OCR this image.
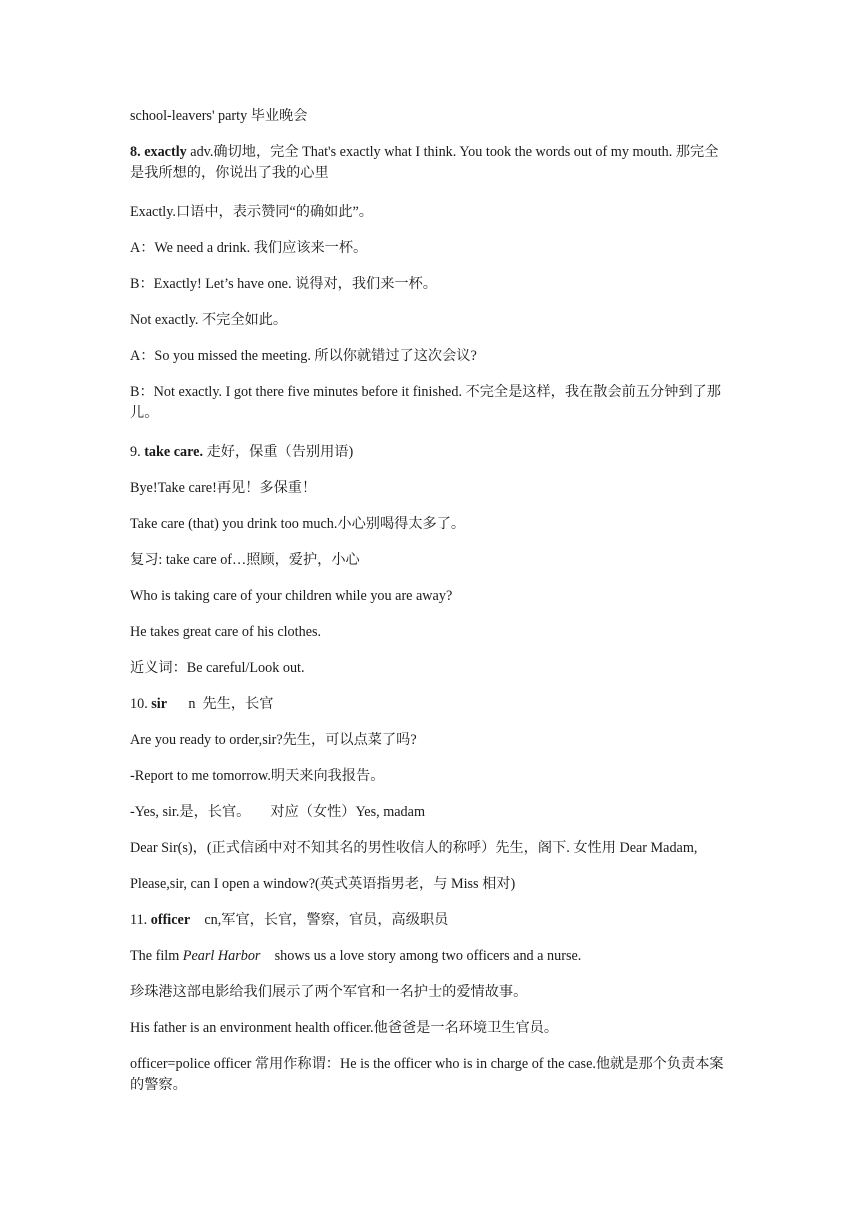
school-leavers' party 毕业晚会
8. exactly adv.确切地，完全 That's exactly what I think. You took the words out of my mouth. 那完全是我所想的，你说出了我的心里
Exactly.口语中，表示赞同“的确如此”。
A：We need a drink. 我们应该来一杯。
B：Exactly! Let’s have one. 说得对，我们来一杯。
Not exactly. 不完全如此。
A：So you missed the meeting. 所以你就错过了这次会议?
B：Not exactly. I got there five minutes before it finished. 不完全是这样，我在散会前五分钟到了那儿。
9. take care. 走好，保重（告别用语)
Bye!Take care!再见！多保重！
Take care (that) you drink too much.小心别喝得太多了。
复习: take care of…照顾，爱护，小心
Who is taking care of your children while you are away?
He takes great care of his clothes.
近义词：Be careful/Look out.
10. sir      n  先生，长官
Are you ready to order,sir?先生，可以点菜了吗?
-Report to me tomorrow.明天来向我报告。
-Yes, sir.是，长官。 对应（女性）Yes, madam
Dear Sir(s)，(正式信函中对不知其名的男性收信人的称呼）先生，阁下. 女性用 Dear Madam,
Please,sir, can I open a window?(英式英语指男老，与 Miss 相对)
11. officer    cn,军官，长官，警察，官员，高级职员
The film Pearl Harbor    shows us a love story among two officers and a nurse.
珍珠港这部电影给我们展示了两个军官和一名护士的爱情故事。
His father is an environment health officer.他爸爸是一名环境卫生官员。
officer=police officer 常用作称谓：He is the officer who is in charge of the case.他就是那个负责本案的警察。
